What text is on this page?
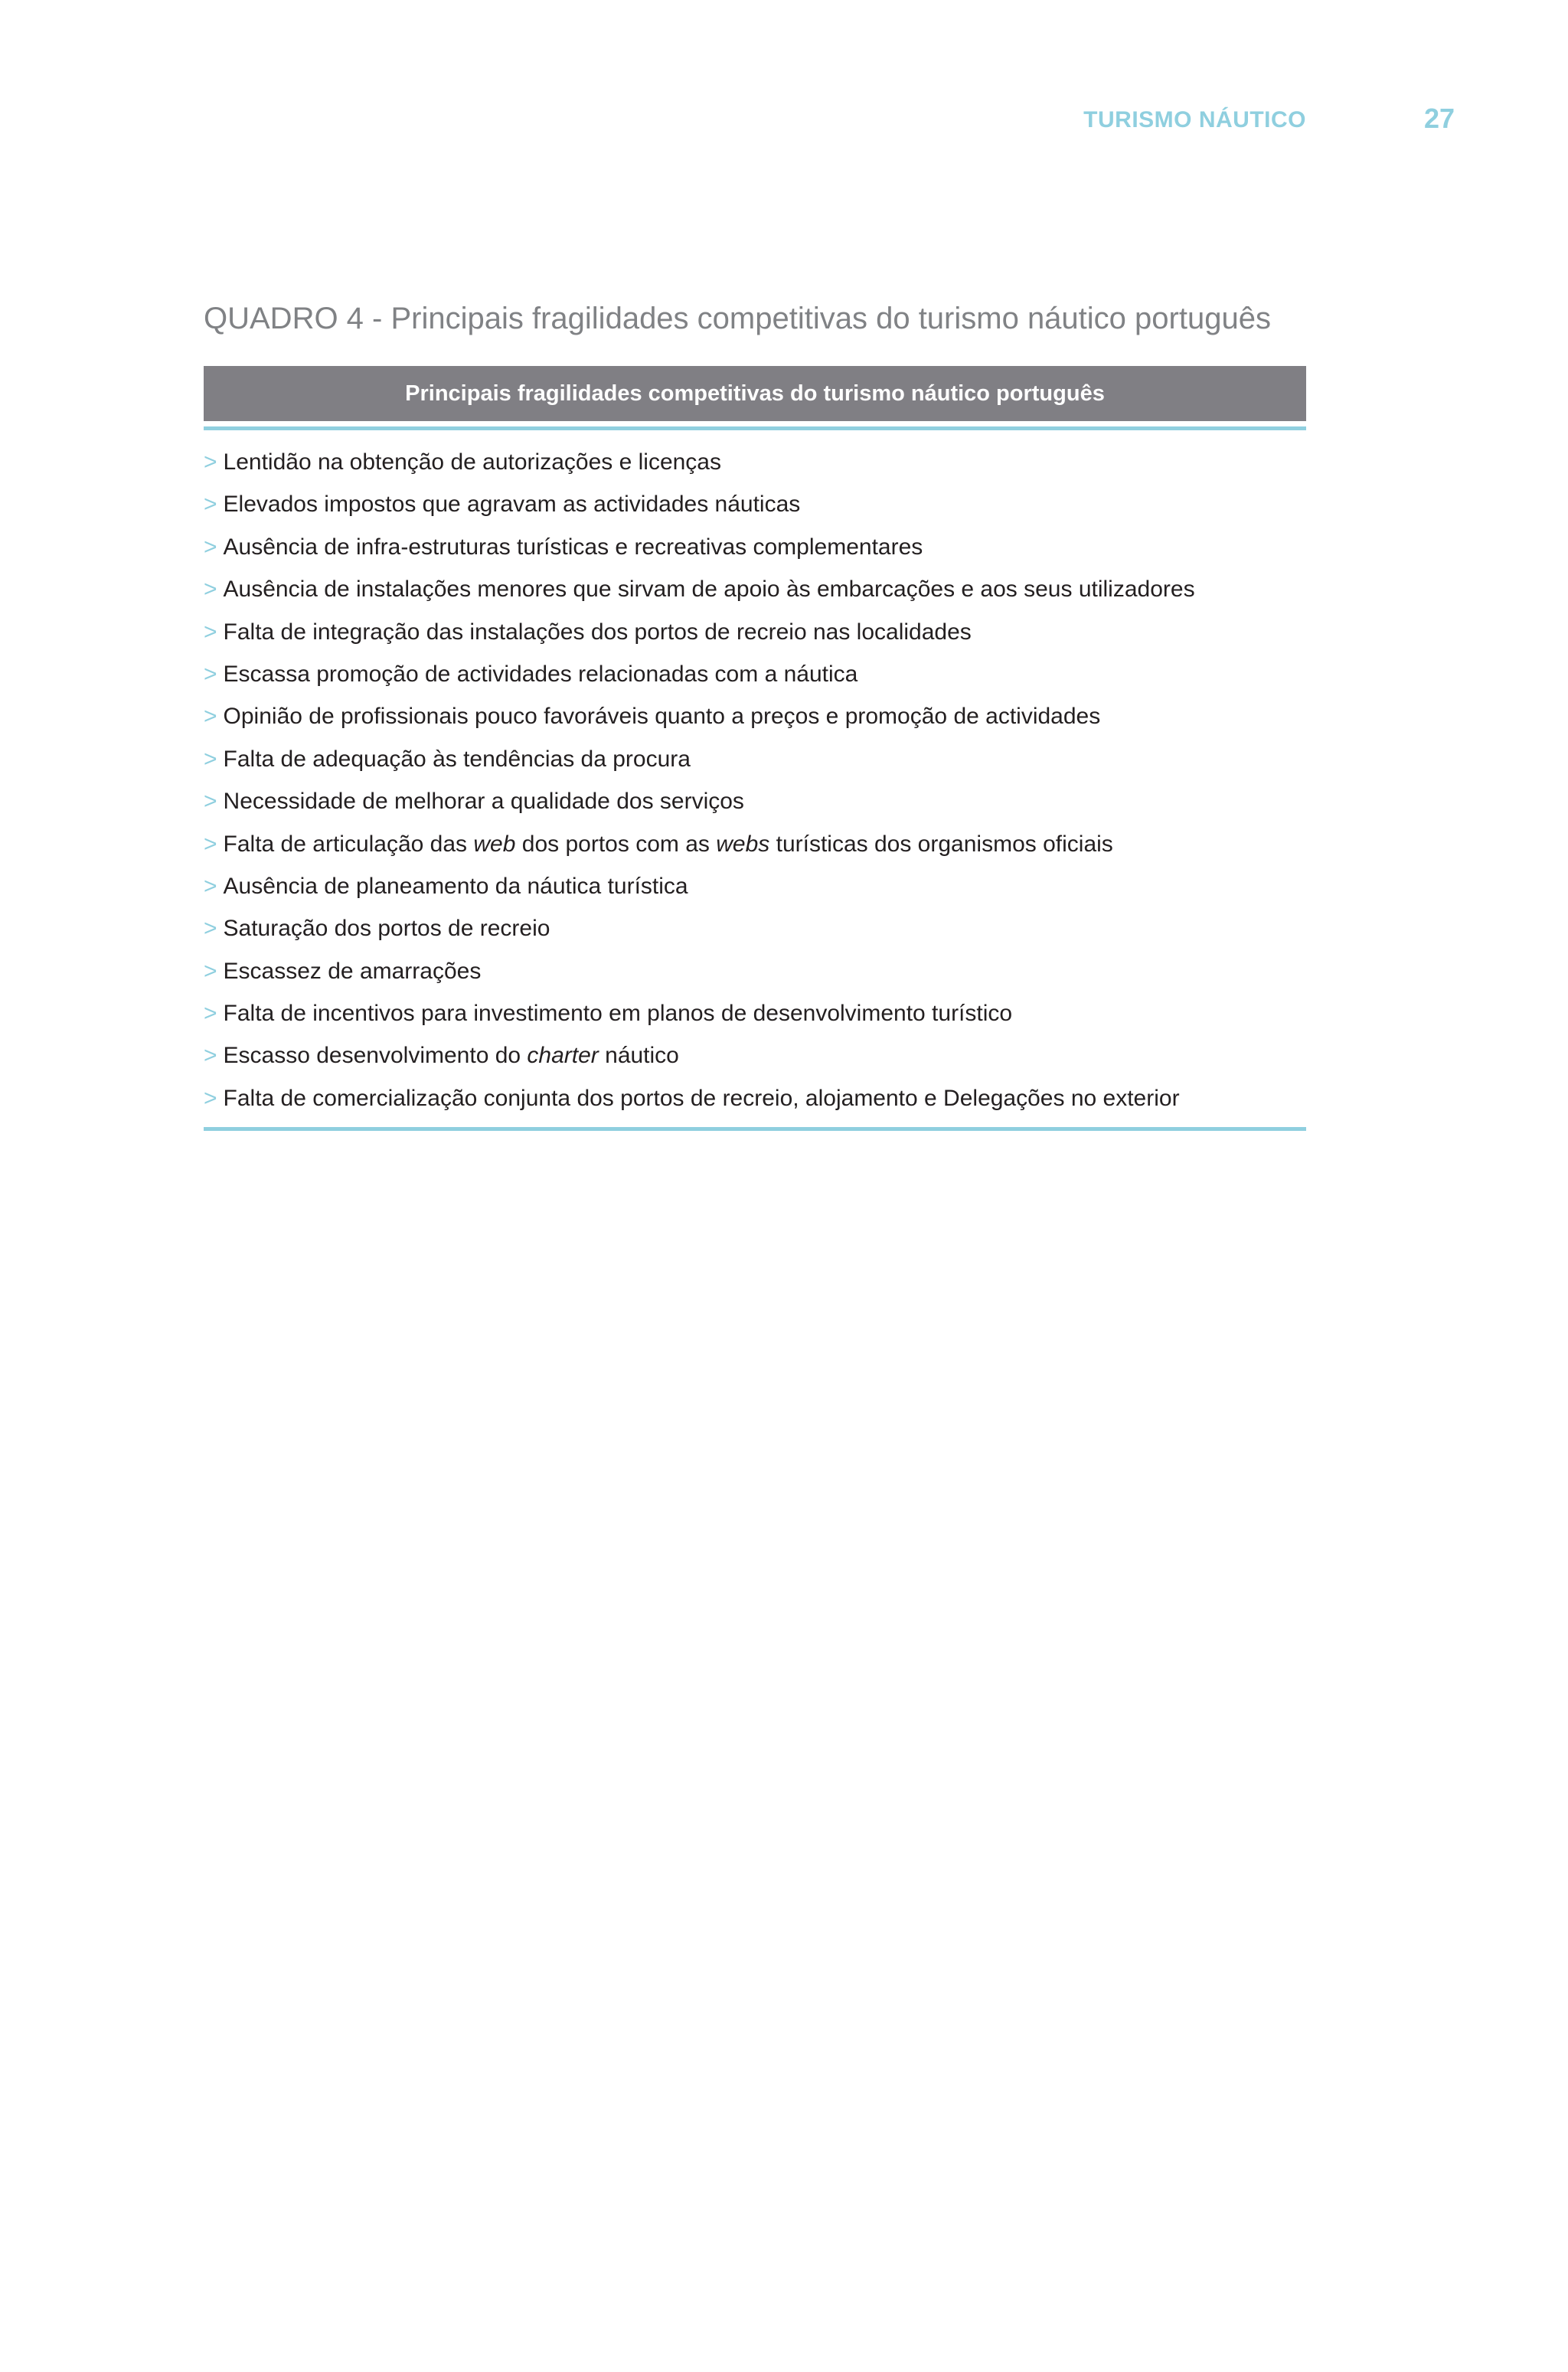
TURISMO NÁUTICO	27
QUADRO 4 - Principais fragilidades competitivas do turismo náutico português
Principais fragilidades competitivas do turismo náutico português
> Lentidão na obtenção de autorizações e licenças
> Elevados impostos que agravam as actividades náuticas
> Ausência de infra-estruturas turísticas e recreativas complementares
> Ausência de instalações menores que sirvam de apoio às embarcações e aos seus utilizadores
> Falta de integração das instalações dos portos de recreio nas localidades
> Escassa promoção de actividades relacionadas com a náutica
> Opinião de profissionais pouco favoráveis quanto a preços e promoção de actividades
> Falta de adequação às tendências da procura
> Necessidade de melhorar a qualidade dos serviços
> Falta de articulação das web dos portos com as webs turísticas dos organismos oficiais
> Ausência de planeamento da náutica turística
> Saturação dos portos de recreio
> Escassez de amarrações
> Falta de incentivos para investimento em planos de desenvolvimento turístico
> Escasso desenvolvimento do charter náutico
> Falta de comercialização conjunta dos portos de recreio, alojamento e Delegações no exterior
